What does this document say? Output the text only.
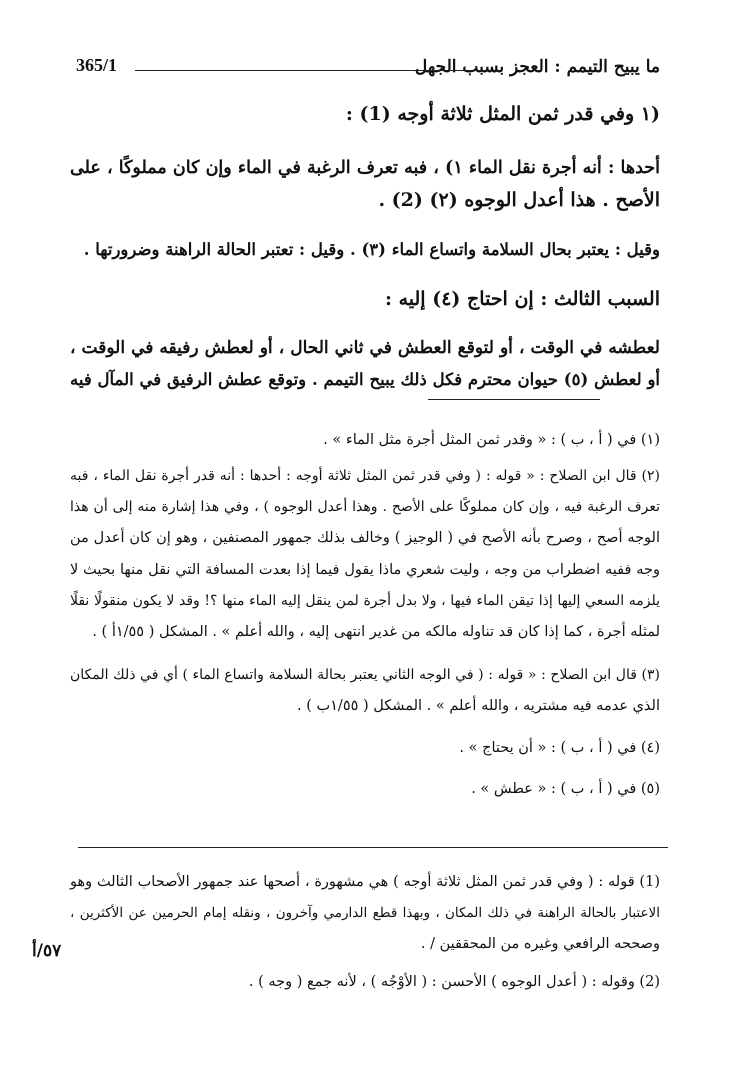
ما يبيح التيمم : العجز بسبب الجهل
365/1
(١ وفي قدر ثمن المثل ثلاثة أوجه (1) :
أحدها : أنه أجرة نقل الماء ١) ، فبه تعرف الرغبة في الماء وإن كان مملوكًا ، على
الأصح . هذا أعدل الوجوه (٢) (2) .
وقيل : يعتبر بحال السلامة واتساع الماء (٣) . وقيل : تعتبر الحالة الراهنة وضرورتها .
السبب الثالث : إن احتاج (٤) إليه :
لعطشه في الوقت ، أو لتوقع العطش في ثاني الحال ، أو لعطش رفيقه في الوقت ،
أو لعطش (٥) حيوان محترم فكل ذلك يبيح التيمم . وتوقع عطش الرفيق في المآل فيه
(١) في ( أ ، ب ) : « وقدر ثمن المثل أجرة مثل الماء » .
(٢) قال ابن الصلاح : « قوله : ( وفي قدر ثمن المثل ثلاثة أوجه : أحدها : أنه قدر أجرة نقل الماء ، فبه
تعرف الرغبة فيه ، وإن كان مملوكًا على الأصح . وهذا أعدل الوجوه ) ، وفي هذا إشارة منه إلى أن هذا
الوجه أصح ، وصرح بأنه الأصح في ( الوجيز ) وخالف بذلك جمهور المصنفين ، وهو إن كان أعدل من
وجه ففيه اضطراب من وجه ، وليت شعري ماذا يقول فيما إذا بعدت المسافة التي نقل منها بحيث لا
يلزمه السعي إليها إذا تيقن الماء فيها ، ولا بدل أجرة لمن ينقل إليه الماء منها ؟! وقد لا يكون منقولًا نقلًا
لمثله أجرة ، كما إذا كان قد تناوله مالكه من غدير انتهى إليه ، والله أعلم » . المشكل ( ١/٥٥أ ) .
(٣) قال ابن الصلاح : « قوله : ( في الوجه الثاني يعتبر بحالة السلامة واتساع الماء ) أي في ذلك المكان
الذي عدمه فيه مشتريه ، والله أعلم » . المشكل ( ١/٥٥ب ) .
(٤) في ( أ ، ب ) : « أن يحتاج » .
(٥) في ( أ ، ب ) : « عطش » .
(1) قوله : ( وفي قدر ثمن المثل ثلاثة أوجه ) هي مشهورة ، أصحها عند جمهور الأصحاب الثالث وهو
الاعتبار بالحالة الراهنة في ذلك المكان ، وبهذا قطع الدارمي وآخرون ، ونقله إمام الحرمين عن الأكثرين ،
وصححه الرافعي وغيره من المحققين / .
(2) وقوله : ( أعدل الوجوه ) الأحسن : ( الأوْجُه ) ، لأنه جمع ( وجه ) .
٥٧/أ
